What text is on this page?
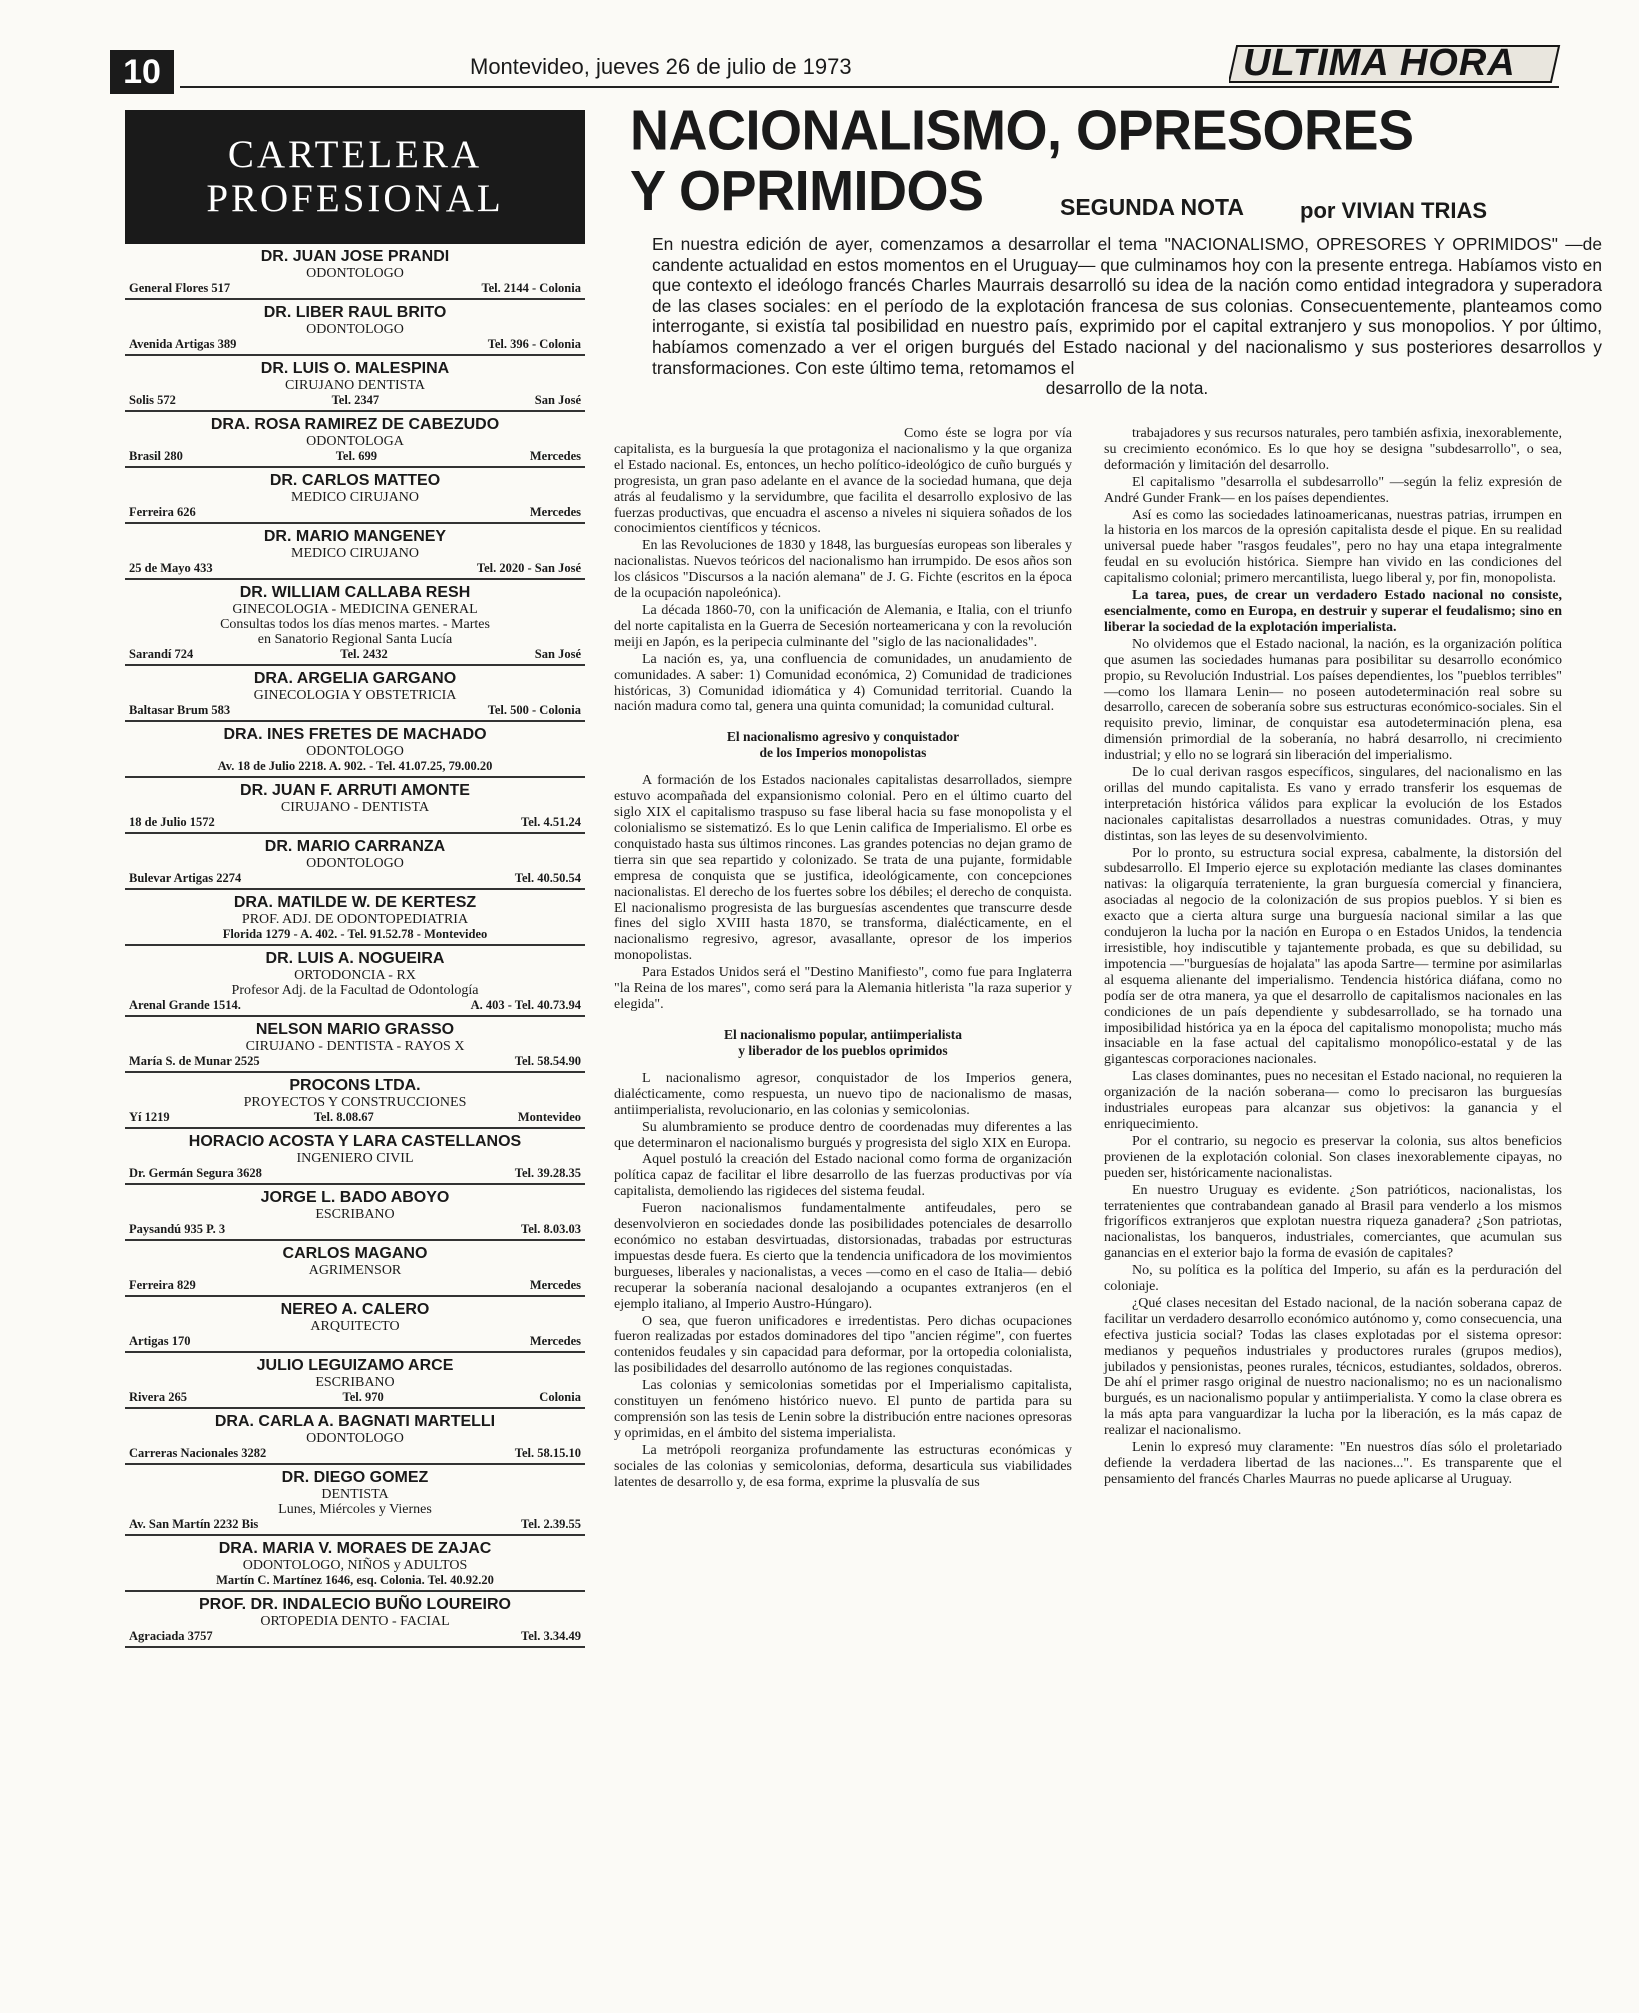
10	Montevideo, jueves 26 de julio de 1973	ULTIMA HORA
CARTELERA
PROFESIONAL
DR. JUAN JOSE PRANDI
ODONTOLOGO
General Flores 517	Tel. 2144 - Colonia
DR. LIBER RAUL BRITO
ODONTOLOGO
Avenida Artigas 389	Tel. 396 - Colonia
DR. LUIS O. MALESPINA
CIRUJANO DENTISTA
Solis 572	Tel. 2347	San José
DRA. ROSA RAMIREZ DE CABEZUDO
ODONTOLOGA
Brasil 280	Tel. 699	Mercedes
DR. CARLOS MATTEO
MEDICO CIRUJANO
Ferreira 626	Mercedes
DR. MARIO MANGENEY
MEDICO CIRUJANO
25 de Mayo 433	Tel. 2020 - San José
DR. WILLIAM CALLABA RESH
GINECOLOGIA - MEDICINA GENERAL
Consultas todos los días menos martes. - Martes
en Sanatorio Regional Santa Lucía
Sarandí 724	Tel. 2432	San José
DRA. ARGELIA GARGANO
GINECOLOGIA Y OBSTETRICIA
Baltasar Brum 583	Tel. 500 - Colonia
DRA. INES FRETES DE MACHADO
ODONTOLOGO
Av. 18 de Julio 2218. A. 902. - Tel. 41.07.25, 79.00.20
DR. JUAN F. ARRUTI AMONTE
CIRUJANO - DENTISTA
18 de Julio 1572	Tel. 4.51.24
DR. MARIO CARRANZA
ODONTOLOGO
Bulevar Artigas 2274	Tel. 40.50.54
DRA. MATILDE W. DE KERTESZ
PROF. ADJ. DE ODONTOPEDIATRIA
Florida 1279 - A. 402. - Tel. 91.52.78 - Montevideo
DR. LUIS A. NOGUEIRA
ORTODONCIA - RX
Profesor Adj. de la Facultad de Odontología
Arenal Grande 1514.	A. 403 - Tel. 40.73.94
NELSON MARIO GRASSO
CIRUJANO - DENTISTA - RAYOS X
María S. de Munar 2525	Tel. 58.54.90
PROCONS LTDA.
PROYECTOS Y CONSTRUCCIONES
Yí 1219	Tel. 8.08.67	Montevideo
HORACIO ACOSTA Y LARA CASTELLANOS
INGENIERO CIVIL
Dr. Germán Segura 3628	Tel. 39.28.35
JORGE L. BADO ABOYO
ESCRIBANO
Paysandú 935 P. 3	Tel. 8.03.03
CARLOS MAGANO
AGRIMENSOR
Ferreira 829	Mercedes
NEREO A. CALERO
ARQUITECTO
Artigas 170	Mercedes
JULIO LEGUIZAMO ARCE
ESCRIBANO
Rivera 265	Tel. 970	Colonia
DRA. CARLA A. BAGNATI MARTELLI
ODONTOLOGO
Carreras Nacionales 3282	Tel. 58.15.10
DR. DIEGO GOMEZ
DENTISTA
Lunes, Miércoles y Viernes
Av. San Martín 2232 Bis	Tel. 2.39.55
DRA. MARIA V. MORAES DE ZAJAC
ODONTOLOGO, NIÑOS y ADULTOS
Martín C. Martínez 1646, esq. Colonia. Tel. 40.92.20
PROF. DR. INDALECIO BUÑO LOUREIRO
ORTOPEDIA DENTO - FACIAL
Agraciada 3757	Tel. 3.34.49
NACIONALISMO, OPRESORES
Y OPRIMIDOS	SEGUNDA NOTA	por VIVIAN TRIAS
En nuestra edición de ayer, comenzamos a desarrollar el tema "NACIONALISMO, OPRESORES Y OPRIMIDOS" —de candente actualidad en estos momentos en el Uruguay— que culminamos hoy con la presente entrega. Habíamos visto en que contexto el ideólogo francés Charles Maurrais desarrolló su idea de la nación como entidad integradora y superadora de las clases sociales: en el período de la explotación francesa de sus colonias. Consecuentemente, planteamos como interrogante, si existía tal posibilidad en nuestro país, exprimido por el capital extranjero y sus monopolios. Y por último, habíamos comenzado a ver el origen burgués del Estado nacional y del nacionalismo y sus posteriores desarrollos y transformaciones. Con este último tema, retomamos el
desarrollo de la nota.

Como éste se logra por vía capitalista, es la burguesía la que protagoniza el nacionalismo y la que organiza el Estado nacional. Es, entonces, un hecho político-ideológico de cuño burgués y progresista, un gran paso adelante en el avance de la sociedad humana, que deja atrás al feudalismo y la servidumbre, que facilita el desarrollo explosivo de las fuerzas productivas, que encuadra el ascenso a niveles ni siquiera soñados de los conocimientos científicos y técnicos.

En las Revoluciones de 1830 y 1848, las burguesías europeas son liberales y nacionalistas. Nuevos teóricos del nacionalismo han irrumpido. De esos años son los clásicos "Discursos a la nación alemana" de J. G. Fichte (escritos en la época de la ocupación napoleónica).

La década 1860-70, con la unificación de Alemania, e Italia, con el triunfo del norte capitalista en la Guerra de Secesión norteamericana y con la revolución meiji en Japón, es la peripecia culminante del "siglo de las nacionalidades".

La nación es, ya, una confluencia de comunidades, un anudamiento de comunidades. A saber: 1) Comunidad económica, 2) Comunidad de tradiciones históricas, 3) Comunidad idiomática y 4) Comunidad territorial. Cuando la nación madura como tal, genera una quinta comunidad; la comunidad cultural.

El nacionalismo agresivo y conquistador
de los Imperios monopolistas

A formación de los Estados nacionales capitalistas desarrollados, siempre estuvo acompañada del expansionismo colonial. Pero en el último cuarto del siglo XIX el capitalismo traspuso su fase liberal hacia su fase monopolista y el colonialismo se sistematizó. Es lo que Lenin califica de Imperialismo. El orbe es conquistado hasta sus últimos rincones. Las grandes potencias no dejan gramo de tierra sin que sea repartido y colonizado. Se trata de una pujante, formidable empresa de conquista que se justifica, ideológicamente, con concepciones nacionalistas. El derecho de los fuertes sobre los débiles; el derecho de conquista. El nacionalismo progresista de las burguesías ascendentes que transcurre desde fines del siglo XVIII hasta 1870, se transforma, dialécticamente, en el nacionalismo regresivo, agresor, avasallante, opresor de los imperios monopolistas.

Para Estados Unidos será el "Destino Manifiesto", como fue para Inglaterra "la Reina de los mares", como será para la Alemania hitlerista "la raza superior y elegida".

El nacionalismo popular, antiimperialista
y liberador de los pueblos oprimidos

L nacionalismo agresor, conquistador de los Imperios genera, dialécticamente, como respuesta, un nuevo tipo de nacionalismo de masas, antiimperialista, revolucionario, en las colonias y semicolonias.

Su alumbramiento se produce dentro de coordenadas muy diferentes a las que determinaron el nacionalismo burgués y progresista del siglo XIX en Europa.

Aquel postuló la creación del Estado nacional como forma de organización política capaz de facilitar el libre desarrollo de las fuerzas productivas por vía capitalista, demoliendo las rigideces del sistema feudal.

Fueron nacionalismos fundamentalmente antifeudales, pero se desenvolvieron en sociedades donde las posibilidades potenciales de desarrollo económico no estaban desvirtuadas, distorsionadas, trabadas por estructuras impuestas desde fuera. Es cierto que la tendencia unificadora de los movimientos burgueses, liberales y nacionalistas, a veces —como en el caso de Italia— debió recuperar la soberanía nacional desalojando a ocupantes extranjeros (en el ejemplo italiano, al Imperio Austro-Húngaro).

O sea, que fueron unificadores e irredentistas. Pero dichas ocupaciones fueron realizadas por estados dominadores del tipo "ancien régime", con fuertes contenidos feudales y sin capacidad para deformar, por la ortopedia colonialista, las posibilidades del desarrollo autónomo de las regiones conquistadas.

Las colonias y semicolonias sometidas por el Imperialismo capitalista, constituyen un fenómeno histórico nuevo. El punto de partida para su comprensión son las tesis de Lenin sobre la distribución entre naciones opresoras y oprimidas, en el ámbito del sistema imperialista.

La metrópoli reorganiza profundamente las estructuras económicas y sociales de las colonias y semicolonias, deforma, desarticula sus viabilidades latentes de desarrollo y, de esa forma, exprime la plusvalía de sus

trabajadores y sus recursos naturales, pero también asfixia, inexorablemente, su crecimiento económico. Es lo que hoy se designa "subdesarrollo", o sea, deformación y limitación del desarrollo.

El capitalismo "desarrolla el subdesarrollo" —según la feliz expresión de André Gunder Frank— en los países dependientes.

Así es como las sociedades latinoamericanas, nuestras patrias, irrumpen en la historia en los marcos de la opresión capitalista desde el pique. En su realidad universal puede haber "rasgos feudales", pero no hay una etapa integralmente feudal en su evolución histórica. Siempre han vivido en las condiciones del capitalismo colonial; primero mercantilista, luego liberal y, por fin, monopolista.

La tarea, pues, de crear un verdadero Estado nacional no consiste, esencialmente, como en Europa, en destruir y superar el feudalismo; sino en liberar la sociedad de la explotación imperialista.

No olvidemos que el Estado nacional, la nación, es la organización política que asumen las sociedades humanas para posibilitar su desarrollo económico propio, su Revolución Industrial. Los países dependientes, los "pueblos terribles" —como los llamara Lenin— no poseen autodeterminación real sobre su desarrollo, carecen de soberanía sobre sus estructuras económico-sociales. Sin el requisito previo, liminar, de conquistar esa autodeterminación plena, esa dimensión primordial de la soberanía, no habrá desarrollo, ni crecimiento industrial; y ello no se logrará sin liberación del imperialismo.

De lo cual derivan rasgos específicos, singulares, del nacionalismo en las orillas del mundo capitalista. Es vano y errado transferir los esquemas de interpretación histórica válidos para explicar la evolución de los Estados nacionales capitalistas desarrollados a nuestras comunidades. Otras, y muy distintas, son las leyes de su desenvolvimiento.

Por lo pronto, su estructura social expresa, cabalmente, la distorsión del subdesarrollo. El Imperio ejerce su explotación mediante las clases dominantes nativas: la oligarquía terrateniente, la gran burguesía comercial y financiera, asociadas al negocio de la colonización de sus propios pueblos. Y si bien es exacto que a cierta altura surge una burguesía nacional similar a las que condujeron la lucha por la nación en Europa o en Estados Unidos, la tendencia irresistible, hoy indiscutible y tajantemente probada, es que su debilidad, su impotencia —"burguesías de hojalata" las apoda Sartre— termine por asimilarlas al esquema alienante del imperialismo. Tendencia histórica diáfana, como no podía ser de otra manera, ya que el desarrollo de capitalismos nacionales en las condiciones de un país dependiente y subdesarrollado, se ha tornado una imposibilidad histórica ya en la época del capitalismo monopolista; mucho más insaciable en la fase actual del capitalismo monopólico-estatal y de las gigantescas corporaciones nacionales.

Las clases dominantes, pues no necesitan el Estado nacional, no requieren la organización de la nación soberana— como lo precisaron las burguesías industriales europeas para alcanzar sus objetivos: la ganancia y el enriquecimiento.

Por el contrario, su negocio es preservar la colonia, sus altos beneficios provienen de la explotación colonial. Son clases inexorablemente cipayas, no pueden ser, históricamente nacionalistas.

En nuestro Uruguay es evidente. ¿Son patrióticos, nacionalistas, los terratenientes que contrabandean ganado al Brasil para venderlo a los mismos frigoríficos extranjeros que explotan nuestra riqueza ganadera? ¿Son patriotas, nacionalistas, los banqueros, industriales, comerciantes, que acumulan sus ganancias en el exterior bajo la forma de evasión de capitales?

No, su política es la política del Imperio, su afán es la perduración del coloniaje.

¿Qué clases necesitan del Estado nacional, de la nación soberana capaz de facilitar un verdadero desarrollo económico autónomo y, como consecuencia, una efectiva justicia social? Todas las clases explotadas por el sistema opresor: medianos y pequeños industriales y productores rurales (grupos medios), jubilados y pensionistas, peones rurales, técnicos, estudiantes, soldados, obreros. De ahí el primer rasgo original de nuestro nacionalismo; no es un nacionalismo burgués, es un nacionalismo popular y antiimperialista. Y como la clase obrera es la más apta para vanguardizar la lucha por la liberación, es la más capaz de realizar el nacionalismo.

Lenin lo expresó muy claramente: "En nuestros días sólo el proletariado defiende la verdadera libertad de las naciones...". Es transparente que el pensamiento del francés Charles Maurras no puede aplicarse al Uruguay.
